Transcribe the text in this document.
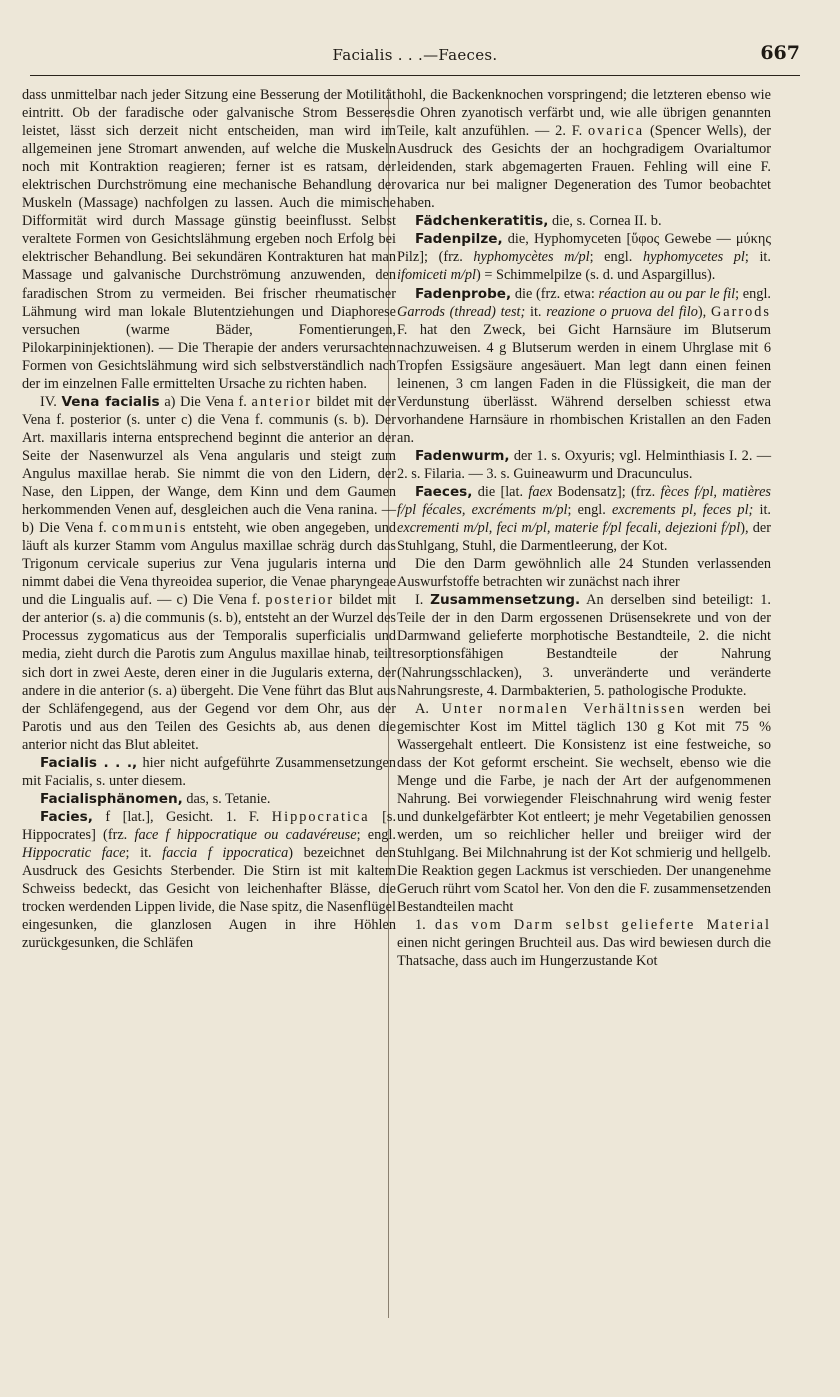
Facialis . . .—Faeces.	667

dass unmittelbar nach jeder Sitzung eine Besserung der Motilität eintritt. Ob der faradische oder galvanische Strom Besseres leistet, lässt sich derzeit nicht entscheiden, man wird im allgemeinen jene Stromart anwenden, auf welche die Muskeln noch mit Kontraktion reagieren; ferner ist es ratsam, der elektrischen Durchströmung eine mechanische Behandlung der Muskeln (Massage) nachfolgen zu lassen. Auch die mimische Difformität wird durch Massage günstig beeinflusst. Selbst veraltete Formen von Gesichtslähmung ergeben noch Erfolg bei elektrischer Behandlung. Bei sekundären Kontrakturen hat man Massage und galvanische Durchströmung anzuwenden, den faradischen Strom zu vermeiden. Bei frischer rheumatischer Lähmung wird man lokale Blutentziehungen und Diaphorese versuchen (warme Bäder, Fomentierungen, Pilokarpininjektionen). — Die Therapie der anders verursachten Formen von Gesichtslähmung wird sich selbstverständlich nach der im einzelnen Falle ermittelten Ursache zu richten haben.

IV. Vena facialis a) Die Vena f. anterior bildet mit der Vena f. posterior (s. unter c) die Vena f. communis (s. b). Der Art. maxillaris interna entsprechend beginnt die anterior an der Seite der Nasenwurzel als Vena angularis und steigt zum Angulus maxillae herab. Sie nimmt die von den Lidern, der Nase, den Lippen, der Wange, dem Kinn und dem Gaumen herkommenden Venen auf, desgleichen auch die Vena ranina. — b) Die Vena f. communis entsteht, wie oben angegeben, und läuft als kurzer Stamm vom Angulus maxillae schräg durch das Trigonum cervicale superius zur Vena jugularis interna und nimmt dabei die Vena thyreoidea superior, die Venae pharyngeae und die Lingualis auf. — c) Die Vena f. posterior bildet mit der anterior (s. a) die communis (s. b), entsteht an der Wurzel des Processus zygomaticus aus der Temporalis superficialis und media, zieht durch die Parotis zum Angulus maxillae hinab, teilt sich dort in zwei Aeste, deren einer in die Jugularis externa, der andere in die anterior (s. a) übergeht. Die Vene führt das Blut aus der Schläfengegend, aus der Gegend vor dem Ohr, aus der Parotis und aus den Teilen des Gesichts ab, aus denen die anterior nicht das Blut ableitet.

Facialis . . ., hier nicht aufgeführte Zusammensetzungen mit Facialis, s. unter diesem.

Facialisphänomen, das, s. Tetanie.

Facies, f [lat.], Gesicht. 1. F. Hippocratica [s. Hippocrates] (frz. face f hippocratique ou cadavéreuse; engl. Hippocratic face; it. faccia f ippocratica) bezeichnet den Ausdruck des Gesichts Sterbender. Die Stirn ist mit kaltem Schweiss bedeckt, das Gesicht von leichenhafter Blässe, die trocken werdenden Lippen livide, die Nase spitz, die Nasenflügel eingesunken, die glanzlosen Augen in ihre Höhlen zurückgesunken, die Schläfen

hohl, die Backenknochen vorspringend; die letzteren ebenso wie die Ohren zyanotisch verfärbt und, wie alle übrigen genannten Teile, kalt anzufühlen. — 2. F. ovarica (Spencer Wells), der Ausdruck des Gesichts der an hochgradigem Ovarialtumor leidenden, stark abgemagerten Frauen. Fehling will eine F. ovarica nur bei maligner Degeneration des Tumor beobachtet haben.

Fädchenkeratitis, die, s. Cornea II. b.

Fadenpilze, die, Hyphomyceten [ὕφος Gewebe — μύκης Pilz]; (frz. hyphomycètes m/pl; engl. hyphomycetes pl; it. ifomiceti m/pl) = Schimmelpilze (s. d. und Aspargillus).

Fadenprobe, die (frz. etwa: réaction au ou par le fil; engl. Garrods (thread) test; it. reazione o pruova del filo), Garrods F. hat den Zweck, bei Gicht Harnsäure im Blutserum nachzuweisen. 4 g Blutserum werden in einem Uhrglase mit 6 Tropfen Essigsäure angesäuert. Man legt dann einen feinen leinenen, 3 cm langen Faden in die Flüssigkeit, die man der Verdunstung überlässt. Während derselben schiesst etwa vorhandene Harnsäure in rhombischen Kristallen an den Faden an.

Fadenwurm, der 1. s. Oxyuris; vgl. Helminthiasis I. 2. — 2. s. Filaria. — 3. s. Guineawurm und Dracunculus.

Faeces, die [lat. faex Bodensatz]; (frz. fèces f/pl, matières f/pl fécales, excréments m/pl; engl. excrements pl, feces pl; it. excrementi m/pl, feci m/pl, materie f/pl fecali, dejezioni f/pl), der Stuhlgang, Stuhl, die Darmentleerung, der Kot.

Die den Darm gewöhnlich alle 24 Stunden verlassenden Auswurfstoffe betrachten wir zunächst nach ihrer

I. Zusammensetzung. An derselben sind beteiligt: 1. Teile der in den Darm ergossenen Drüsensekrete und von der Darmwand gelieferte morphotische Bestandteile, 2. die nicht resorptionsfähigen Bestandteile der Nahrung (Nahrungsschlacken), 3. unveränderte und veränderte Nahrungsreste, 4. Darmbakterien, 5. pathologische Produkte.

A. Unter normalen Verhältnissen werden bei gemischter Kost im Mittel täglich 130 g Kot mit 75 % Wassergehalt entleert. Die Konsistenz ist eine festweiche, so dass der Kot geformt erscheint. Sie wechselt, ebenso wie die Menge und die Farbe, je nach der Art der aufgenommenen Nahrung. Bei vorwiegender Fleischnahrung wird wenig fester und dunkelgefärbter Kot entleert; je mehr Vegetabilien genossen werden, um so reichlicher heller und breiiger wird der Stuhlgang. Bei Milchnahrung ist der Kot schmierig und hellgelb. Die Reaktion gegen Lackmus ist verschieden. Der unangenehme Geruch rührt vom Scatol her. Von den die F. zusammensetzenden Bestandteilen macht

1. das vom Darm selbst gelieferte Material einen nicht geringen Bruchteil aus. Das wird bewiesen durch die Thatsache, dass auch im Hungerzustande Kot
